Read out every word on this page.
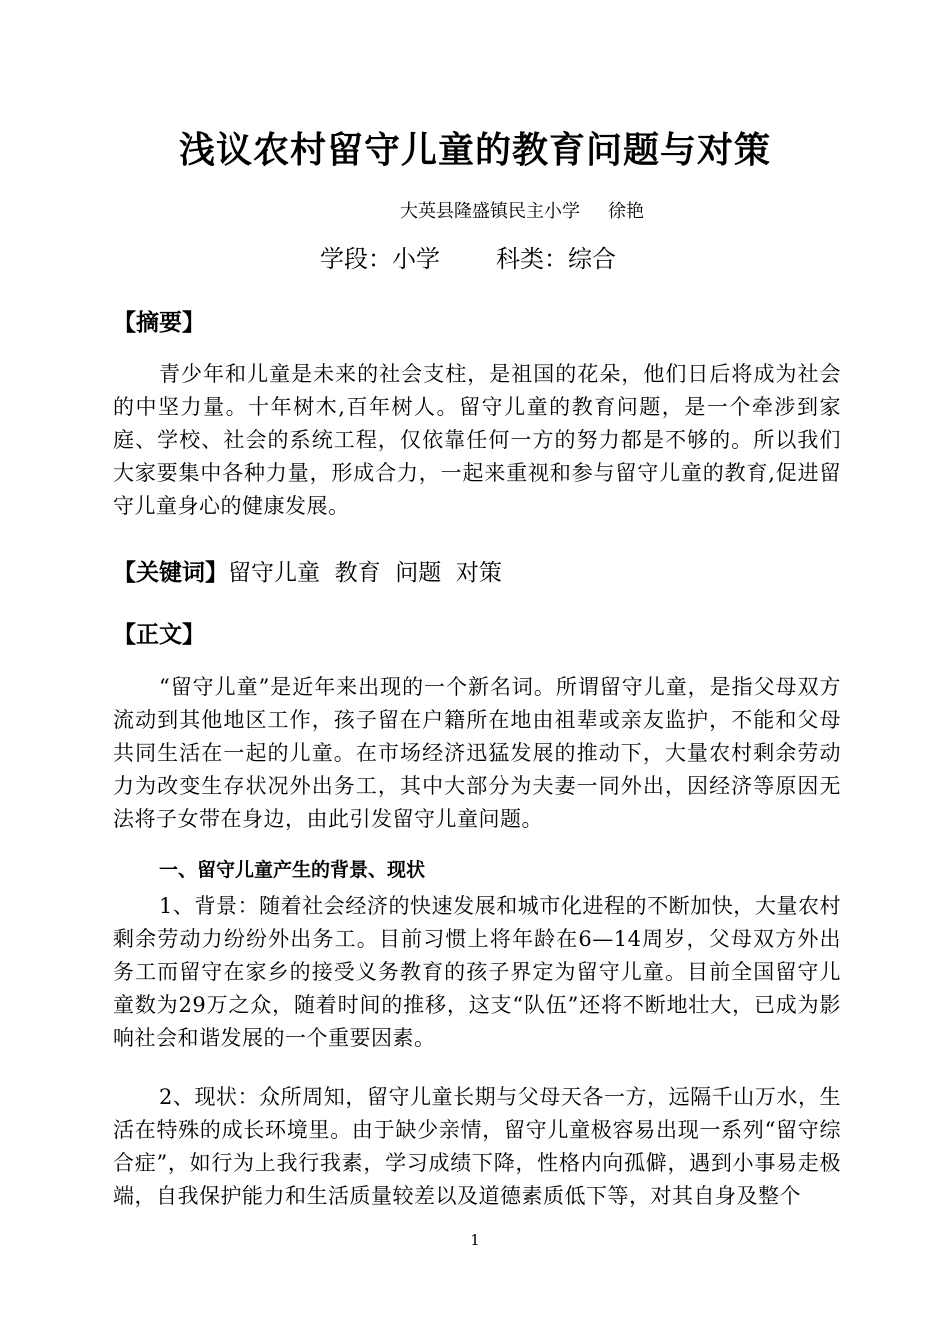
浅议农村留守儿童的教育问题与对策
大英县隆盛镇民主小学 徐艳
学段：小学 科类：综合
【摘要】

青少年和儿童是未来的社会支柱，是祖国的花朵，他们日后将成为社会的中坚力量。十年树木,百年树人。留守儿童的教育问题，是一个牵涉到家庭、学校、社会的系统工程，仅依靠任何一方的努力都是不够的。所以我们大家要集中各种力量，形成合力，一起来重视和参与留守儿童的教育,促进留守儿童身心的健康发展。

【关键词】留守儿童  教育  问题  对策
【正文】

“留守儿童”是近年来出现的一个新名词。所谓留守儿童，是指父母双方流动到其他地区工作，孩子留在户籍所在地由祖辈或亲友监护，不能和父母共同生活在一起的儿童。在市场经济迅猛发展的推动下，大量农村剩余劳动力为改变生存状况外出务工，其中大部分为夫妻一同外出，因经济等原因无法将子女带在身边，由此引发留守儿童问题。

一、留守儿童产生的背景、现状

1、背景：随着社会经济的快速发展和城市化进程的不断加快，大量农村剩余劳动力纷纷外出务工。目前习惯上将年龄在6—14周岁，父母双方外出务工而留守在家乡的接受义务教育的孩子界定为留守儿童。目前全国留守儿童数为29万之众，随着时间的推移，这支“队伍”还将不断地壮大，已成为影响社会和谐发展的一个重要因素。

2、现状：众所周知，留守儿童长期与父母天各一方，远隔千山万水，生活在特殊的成长环境里。由于缺少亲情，留守儿童极容易出现一系列“留守综合症”，如行为上我行我素，学习成绩下降，性格内向孤僻，遇到小事易走极端，自我保护能力和生活质量较差以及道德素质低下等，对其自身及整个

1
